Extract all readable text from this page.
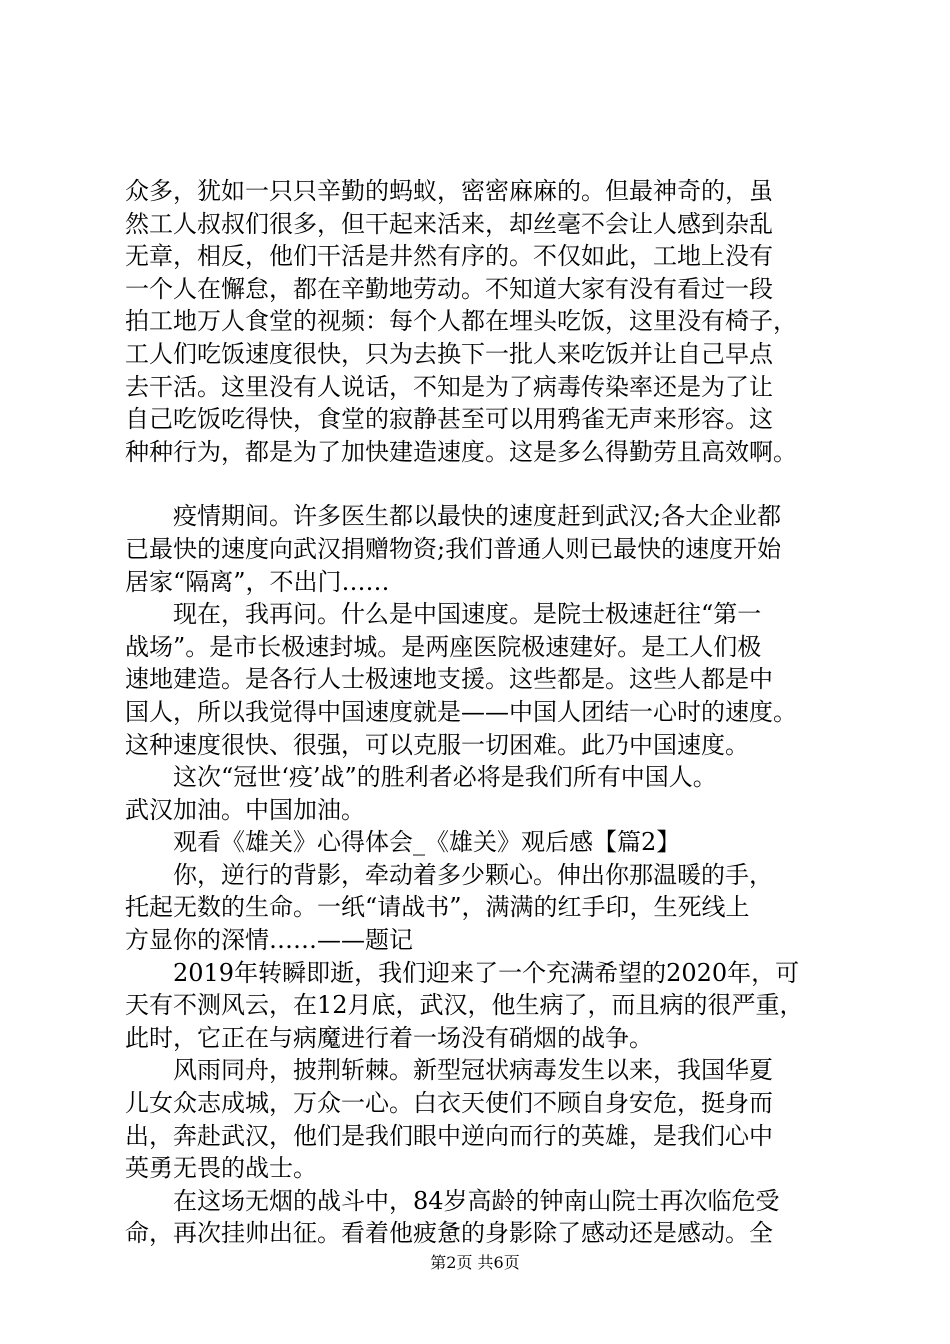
众多，犹如一只只辛勤的蚂蚁，密密麻麻的。但最神奇的，虽
然工人叔叔们很多，但干起来活来，却丝毫不会让人感到杂乱
无章，相反，他们干活是井然有序的。不仅如此，工地上没有
一个人在懈怠，都在辛勤地劳动。不知道大家有没有看过一段
拍工地万人食堂的视频：每个人都在埋头吃饭，这里没有椅子，
工人们吃饭速度很快，只为去换下一批人来吃饭并让自己早点
去干活。这里没有人说话，不知是为了病毒传染率还是为了让
自己吃饭吃得快，食堂的寂静甚至可以用鸦雀无声来形容。这
种种行为，都是为了加快建造速度。这是多么得勤劳且高效啊。

　　疫情期间。许多医生都以最快的速度赶到武汉;各大企业都
已最快的速度向武汉捐赠物资;我们普通人则已最快的速度开始
居家“隔离”，不出门……

　　现在，我再问。什么是中国速度。是院士极速赶往“第一
战场”。是市长极速封城。是两座医院极速建好。是工人们极
速地建造。是各行人士极速地支援。这些都是。这些人都是中
国人，所以我觉得中国速度就是——中国人团结一心时的速度。
这种速度很快、很强，可以克服一切困难。此乃中国速度。

　　这次“冠世‘疫’战”的胜利者必将是我们所有中国人。
武汉加油。中国加油。

　　观看《雄关》心得体会_《雄关》观后感【篇2】

　　你，逆行的背影，牵动着多少颗心。伸出你那温暖的手，
托起无数的生命。一纸“请战书”，满满的红手印，生死线上
方显你的深情……——题记

　　2019年转瞬即逝，我们迎来了一个充满希望的2020年，可
天有不测风云，在12月底，武汉，他生病了，而且病的很严重，
此时，它正在与病魔进行着一场没有硝烟的战争。

　　风雨同舟，披荆斩棘。新型冠状病毒发生以来，我国华夏
儿女众志成城，万众一心。白衣天使们不顾自身安危，挺身而
出，奔赴武汉，他们是我们眼中逆向而行的英雄，是我们心中
英勇无畏的战士。

　　在这场无烟的战斗中，84岁高龄的钟南山院士再次临危受
命，再次挂帅出征。看着他疲惫的身影除了感动还是感动。全

第2页 共6页
